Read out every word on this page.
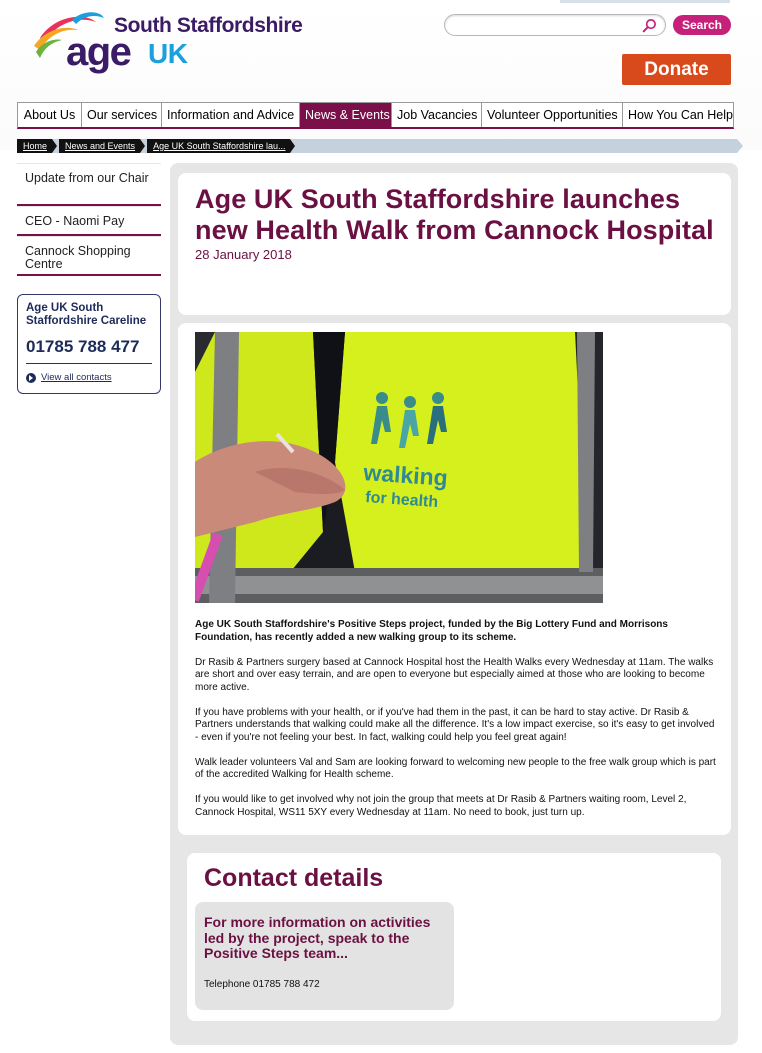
South Staffordshire
age UK
Search
Donate
About Us Our services Information and Advice News & Events Job Vacancies Volunteer Opportunities How You Can Help
Home	News and Events	Age UK South Staffordshire lau...
Update from our Chair
CEO - Naomi Pay
Cannock Shopping Centre
Age UK South Staffordshire Careline
01785 788 477
View all contacts
Age UK South Staffordshire launches new Health Walk from Cannock Hospital
28 January 2018
walking
for health

Age UK South Staffordshire's Positive Steps project, funded by the Big Lottery Fund and Morrisons Foundation, has recently added a new walking group to its scheme.

Dr Rasib & Partners surgery based at Cannock Hospital host the Health Walks every Wednesday at 11am. The walks are short and over easy terrain, and are open to everyone but especially aimed at those who are looking to become more active.

If you have problems with your health, or if you've had them in the past, it can be hard to stay active. Dr Rasib & Partners understands that walking could make all the difference. It's a low impact exercise, so it's easy to get involved - even if you're not feeling your best. In fact, walking could help you feel great again!

Walk leader volunteers Val and Sam are looking forward to welcoming new people to the free walk group which is part of the accredited Walking for Health scheme.

If you would like to get involved why not join the group that meets at Dr Rasib & Partners waiting room, Level 2, Cannock Hospital, WS11 5XY every Wednesday at 11am. No need to book, just turn up.

Contact details
For more information on activities led by the project, speak to the Positive Steps team...
Telephone 01785 788 472
